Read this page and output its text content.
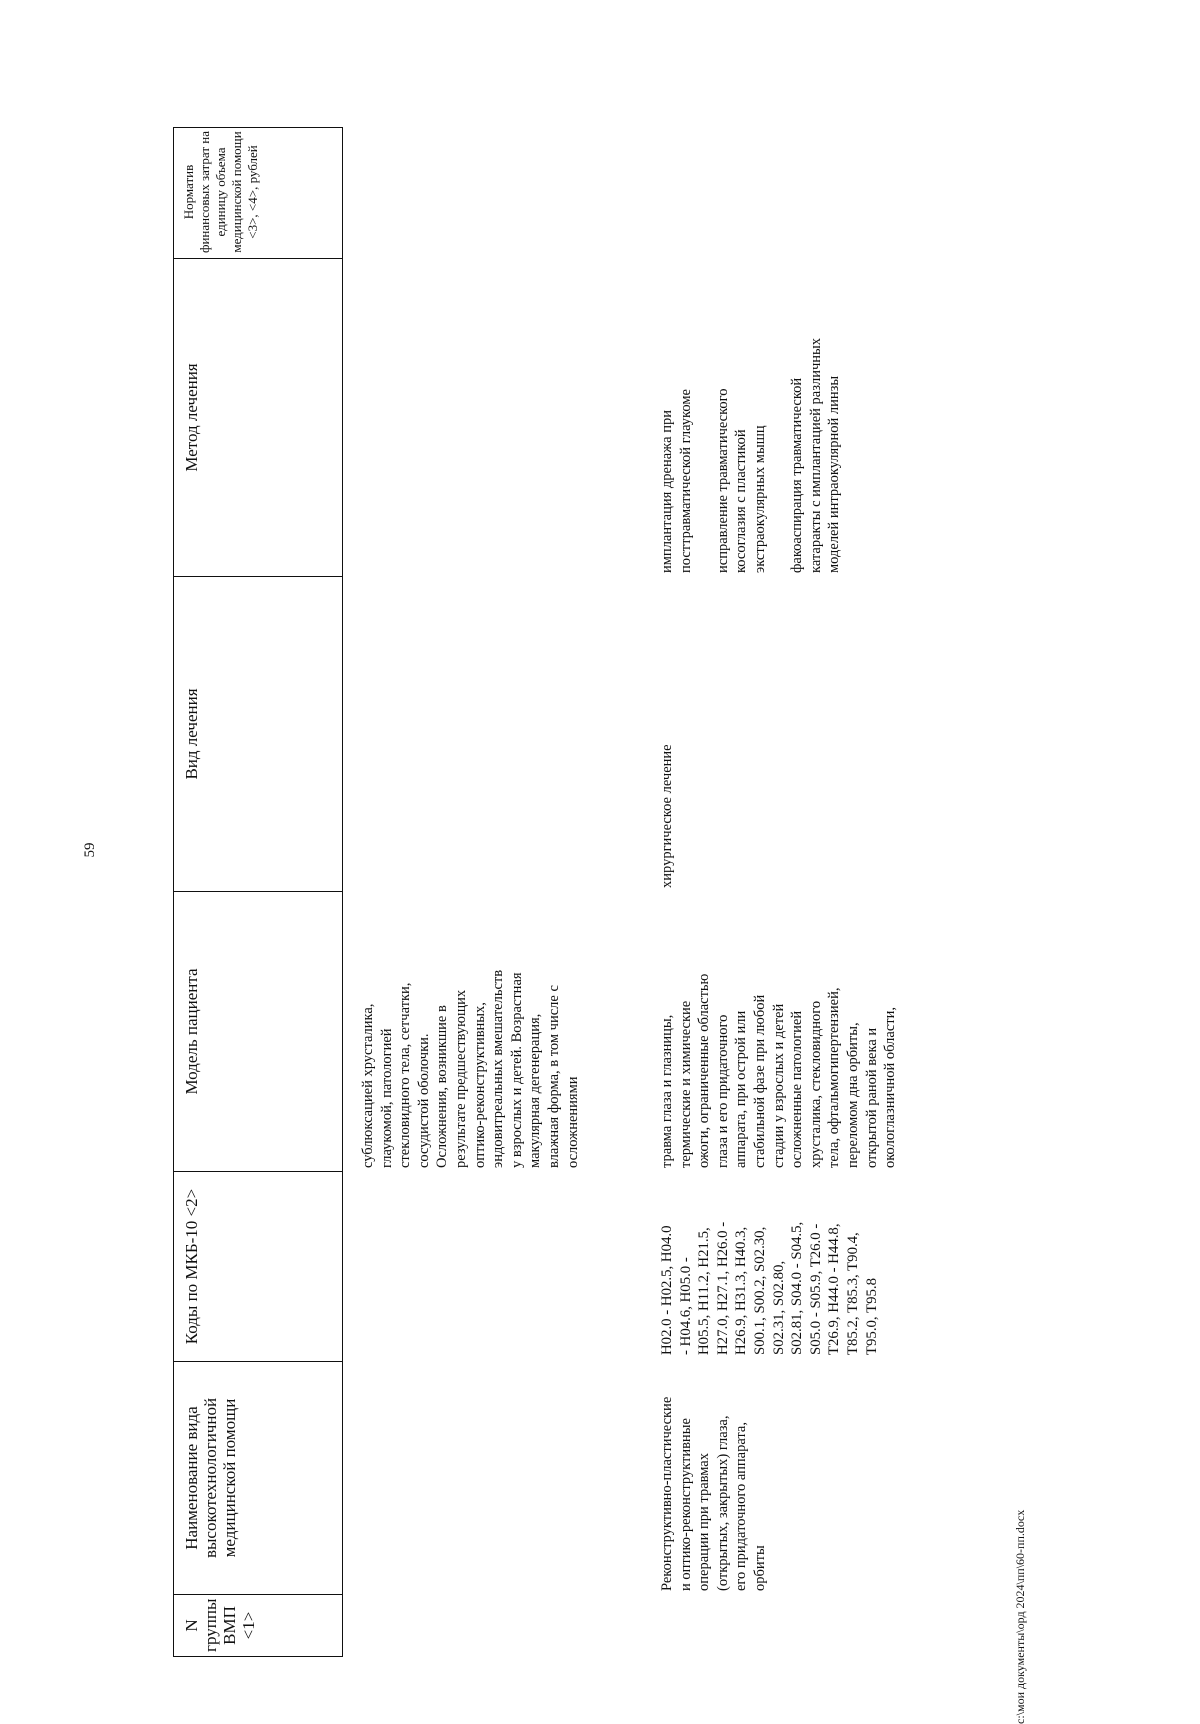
59
N группы ВМП <1>
Наименование вида высокотехнологичной медицинской помощи
Коды по МКБ-10 <2>
Модель пациента
Вид лечения
Метод лечения
Норматив финансовых затрат на единицу объема медицинской помощи <3>, <4>, рублей
сублюксацией хрусталика,
глаукомой, патологией
стекловидного тела, сетчатки,
сосудистой оболочки.
Осложнения, возникшие в
результате предшествующих
оптико-реконструктивных,
эндовитреальных вмешательств
у взрослых и детей. Возрастная
макулярная дегенерация,
влажная форма, в том числе с
осложнениями
Реконструктивно-пластические
и оптико-реконструктивные
операции при травмах
(открытых, закрытых) глаза,
его придаточного аппарата,
орбиты
H02.0 - H02.5, H04.0
- H04.6, H05.0 -
H05.5, H11.2, H21.5,
H27.0, H27.1, H26.0 -
H26.9, H31.3, H40.3,
S00.1, S00.2, S02.30,
S02.31, S02.80,
S02.81, S04.0 - S04.5,
S05.0 - S05.9, T26.0 -
T26.9, H44.0 - H44.8,
T85.2, T85.3, T90.4,
T95.0, T95.8
травма глаза и глазницы,
термические и химические
ожоги, ограниченные областью
глаза и его придаточного
аппарата, при острой или
стабильной фазе при любой
стадии у взрослых и детей
осложненные патологией
хрусталика, стекловидного
тела, офтальмогипертензией,
переломом дна орбиты,
открытой раной века и
окологлазничной области,
хирургическое лечение
имплантация дренажа при
посттравматической глаукоме

исправление травматического
косоглазия с пластикой
экстраокулярных мышц

факоаспирация травматической
катаракты с имплантацией различных
моделей интраокулярной линзы
c:\мои документы\орд 2024\пп\60-пп.docx
